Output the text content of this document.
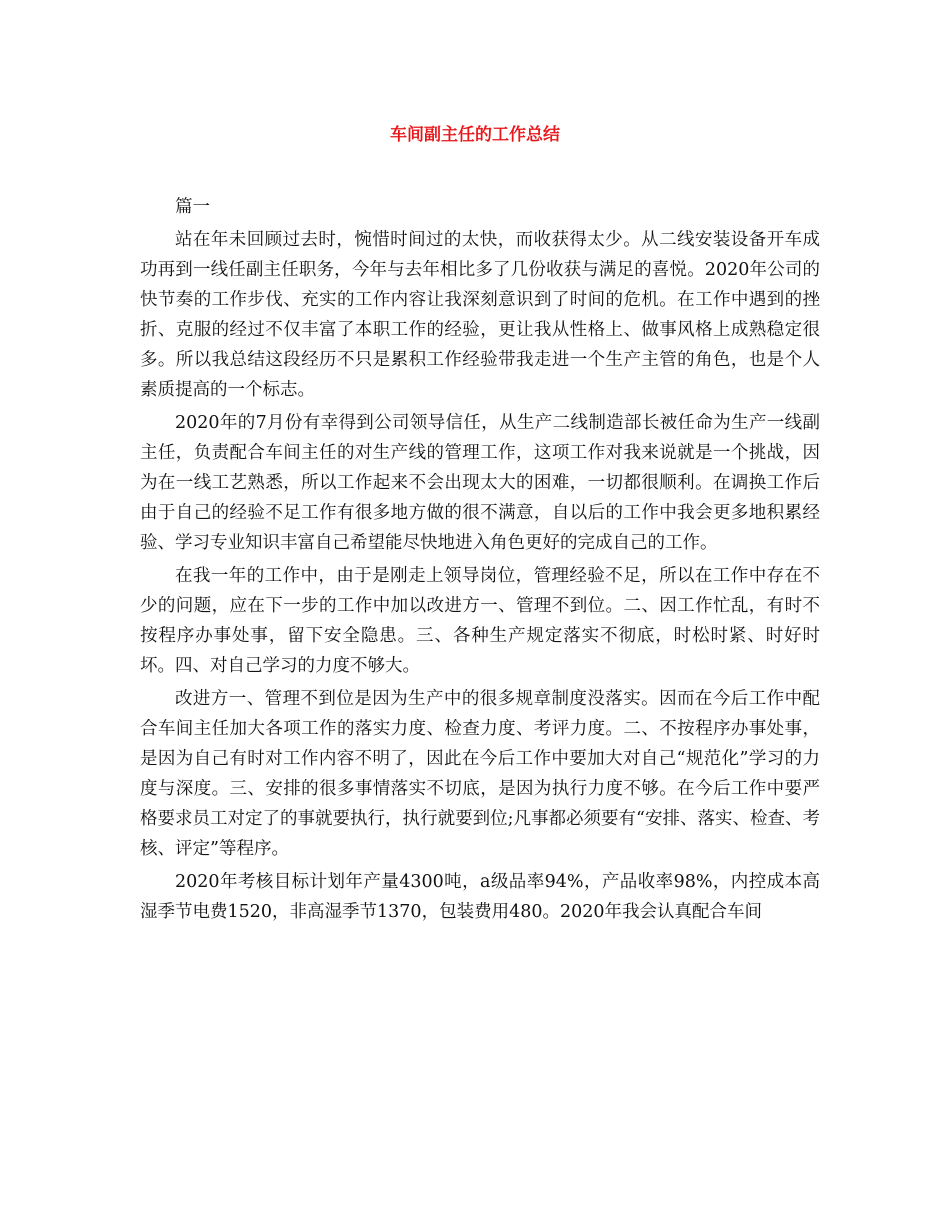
车间副主任的工作总结

篇一

站在年未回顾过去时，惋惜时间过的太快，而收获得太少。从二线安装设备开车成功再到一线任副主任职务，今年与去年相比多了几份收获与满足的喜悦。2020年公司的快节奏的工作步伐、充实的工作内容让我深刻意识到了时间的危机。在工作中遇到的挫折、克服的经过不仅丰富了本职工作的经验，更让我从性格上、做事风格上成熟稳定很多。所以我总结这段经历不只是累积工作经验带我走进一个生产主管的角色，也是个人素质提高的一个标志。

2020年的7月份有幸得到公司领导信任，从生产二线制造部长被任命为生产一线副主任，负责配合车间主任的对生产线的管理工作，这项工作对我来说就是一个挑战，因为在一线工艺熟悉，所以工作起来不会出现太大的困难，一切都很顺利。在调换工作后由于自己的经验不足工作有很多地方做的很不满意，自以后的工作中我会更多地积累经验、学习专业知识丰富自己希望能尽快地进入角色更好的完成自己的工作。

在我一年的工作中，由于是刚走上领导岗位，管理经验不足，所以在工作中存在不少的问题，应在下一步的工作中加以改进方一、管理不到位。二、因工作忙乱，有时不按程序办事处事，留下安全隐患。三、各种生产规定落实不彻底，时松时紧、时好时坏。四、对自己学习的力度不够大。

改进方一、管理不到位是因为生产中的很多规章制度没落实。因而在今后工作中配合车间主任加大各项工作的落实力度、检查力度、考评力度。二、不按程序办事处事，是因为自己有时对工作内容不明了，因此在今后工作中要加大对自己“规范化”学习的力度与深度。三、安排的很多事情落实不切底，是因为执行力度不够。在今后工作中要严格要求员工对定了的事就要执行，执行就要到位;凡事都必须要有“安排、落实、检查、考核、评定”等程序。

2020年考核目标计划年产量4300吨，a级品率94%，产品收率98%，内控成本高湿季节电费1520，非高湿季节1370，包装费用480。2020年我会认真配合车间
